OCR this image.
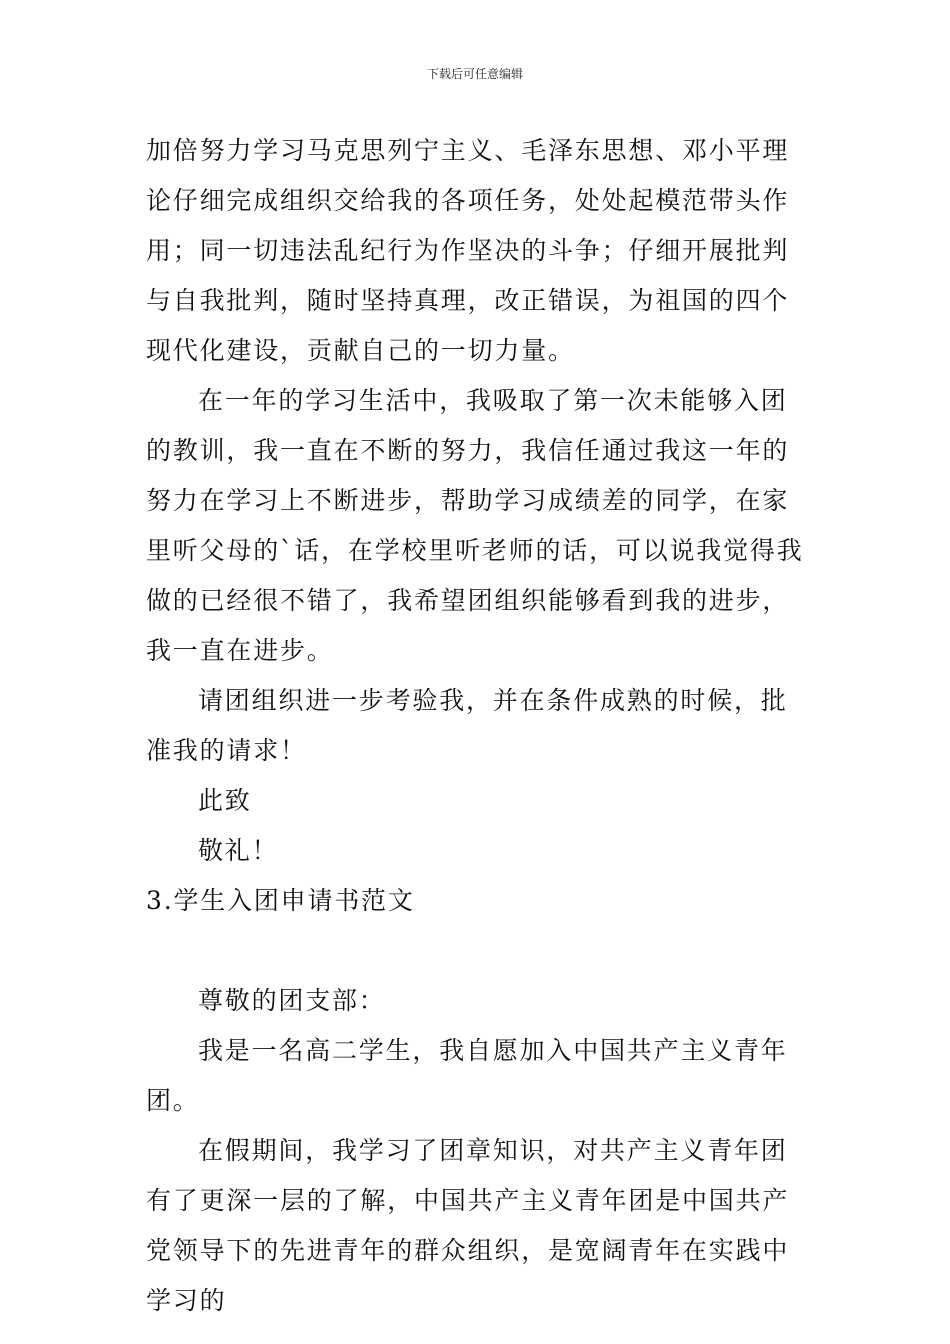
下载后可任意编辑

加倍努力学习马克思列宁主义、毛泽东思想、邓小平理论仔细完成组织交给我的各项任务，处处起模范带头作用；同一切违法乱纪行为作坚决的斗争；仔细开展批判与自我批判，随时坚持真理，改正错误，为祖国的四个现代化建设，贡献自己的一切力量。

在一年的学习生活中，我吸取了第一次未能够入团的教训，我一直在不断的努力，我信任通过我这一年的努力在学习上不断进步，帮助学习成绩差的同学，在家里听父母的`话，在学校里听老师的话，可以说我觉得我做的已经很不错了，我希望团组织能够看到我的进步，我一直在进步。

请团组织进一步考验我，并在条件成熟的时候，批准我的请求！

此致

敬礼！

3.学生入团申请书范文

尊敬的团支部：

我是一名高二学生，我自愿加入中国共产主义青年团。

在假期间，我学习了团章知识，对共产主义青年团有了更深一层的了解，中国共产主义青年团是中国共产党领导下的先进青年的群众组织，是宽阔青年在实践中学习的
